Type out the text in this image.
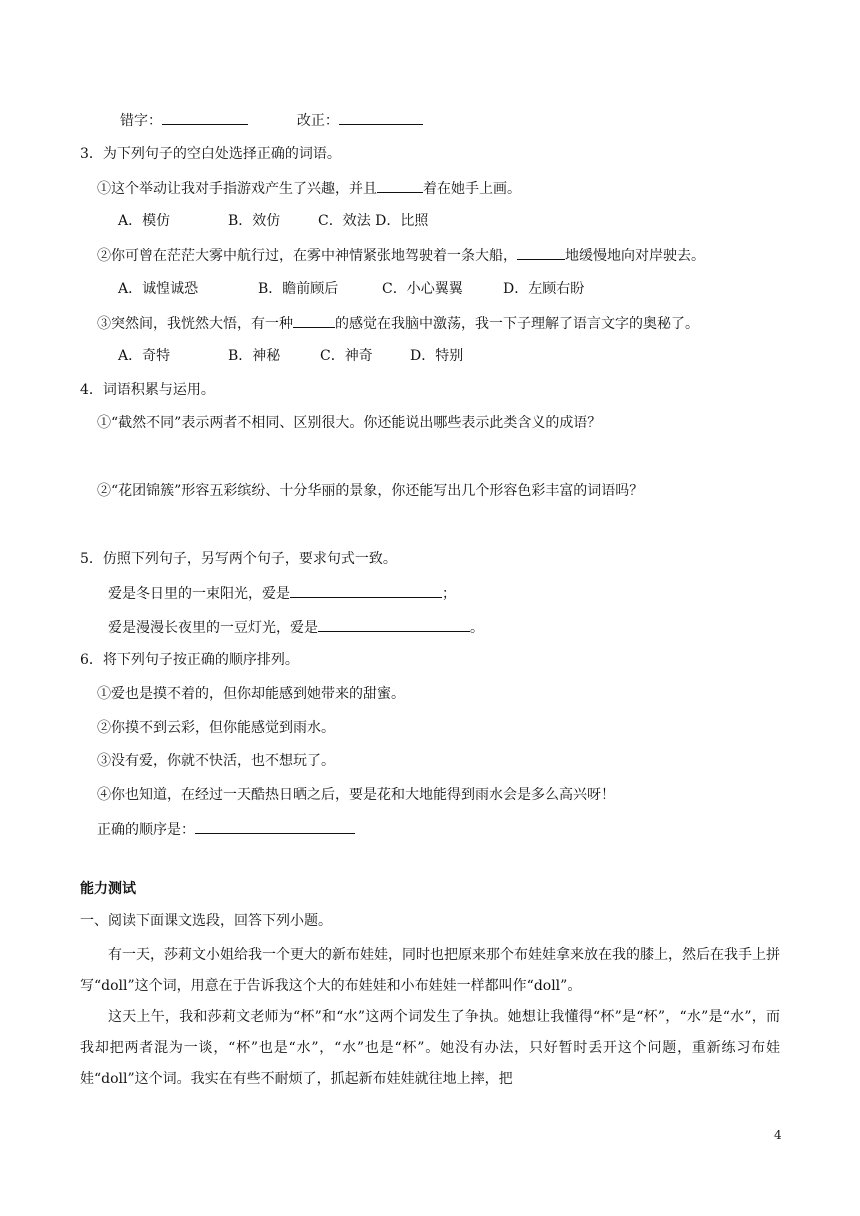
错字：	改正：
3．为下列句子的空白处选择正确的词语。
①这个举动让我对手指游戏产生了兴趣，并且	着在她手上画。
A．模仿	B．效仿	C．效法 D．比照
②你可曾在茫茫大雾中航行过，在雾中神情紧张地驾驶着一条大船，	地缓慢地向对岸驶去。
A．诚惶诚恐	B．瞻前顾后	C．小心翼翼	D．左顾右盼
③突然间，我恍然大悟，有一种	的感觉在我脑中激荡，我一下子理解了语言文字的奥秘了。
A．奇特	B．神秘	C．神奇	D．特别
4．词语积累与运用。
①“截然不同”表示两者不相同、区别很大。你还能说出哪些表示此类含义的成语？
②“花团锦簇”形容五彩缤纷、十分华丽的景象，你还能写出几个形容色彩丰富的词语吗？
5．仿照下列句子，另写两个句子，要求句式一致。
爱是冬日里的一束阳光，爱是	；
爱是漫漫长夜里的一豆灯光，爱是	。
6．将下列句子按正确的顺序排列。
①爱也是摸不着的，但你却能感到她带来的甜蜜。
②你摸不到云彩，但你能感觉到雨水。
③没有爱，你就不快活，也不想玩了。
④你也知道，在经过一天酷热日晒之后，要是花和大地能得到雨水会是多么高兴呀！
正确的顺序是：
能力测试
一、阅读下面课文选段，回答下列小题。

有一天，莎莉文小姐给我一个更大的新布娃娃，同时也把原来那个布娃娃拿来放在我的膝上，然后在我手上拼写“doll”这个词，用意在于告诉我这个大的布娃娃和小布娃娃一样都叫作“doll”。

这天上午，我和莎莉文老师为“杯”和“水”这两个词发生了争执。她想让我懂得“杯”是“杯”，“水”是“水”，而我却把两者混为一谈，“杯”也是“水”，“水”也是“杯”。她没有办法，只好暂时丢开这个问题，重新练习布娃娃“doll”这个词。我实在有些不耐烦了，抓起新布娃娃就往地上摔，把

4
